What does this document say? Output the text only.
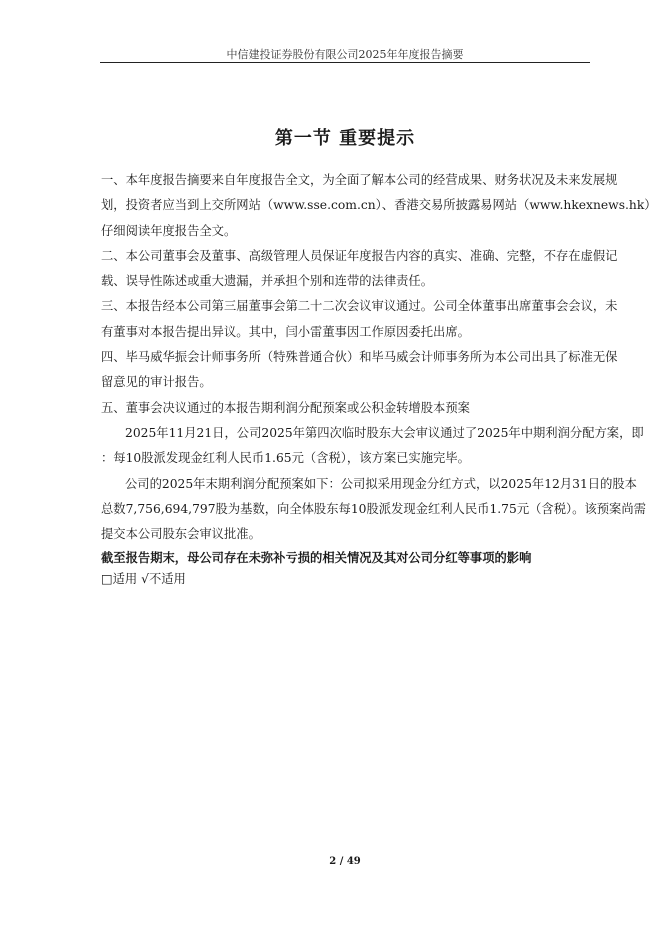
中信建投证券股份有限公司2025年年度报告摘要
第一节 重要提示

一、本年度报告摘要来自年度报告全文，为全面了解本公司的经营成果、财务状况及未来发展规
划，投资者应当到上交所网站（www.sse.com.cn）、香港交易所披露易网站（www.hkexnews.hk）
仔细阅读年度报告全文。

二、本公司董事会及董事、高级管理人员保证年度报告内容的真实、准确、完整，不存在虚假记
载、误导性陈述或重大遗漏，并承担个别和连带的法律责任。

三、本报告经本公司第三届董事会第二十二次会议审议通过。公司全体董事出席董事会会议，未
有董事对本报告提出异议。其中，闫小雷董事因工作原因委托出席。

四、毕马威华振会计师事务所（特殊普通合伙）和毕马威会计师事务所为本公司出具了标准无保
留意见的审计报告。

五、董事会决议通过的本报告期利润分配预案或公积金转增股本预案

2025年11月21日，公司2025年第四次临时股东大会审议通过了2025年中期利润分配方案，即
：每10股派发现金红利人民币1.65元（含税），该方案已实施完毕。

公司的2025年末期利润分配预案如下：公司拟采用现金分红方式，以2025年12月31日的股本
总数7,756,694,797股为基数，向全体股东每10股派发现金红利人民币1.75元（含税）。该预案尚需
提交本公司股东会审议批准。

截至报告期末，母公司存在未弥补亏损的相关情况及其对公司分红等事项的影响
□适用 √不适用
2 / 49
